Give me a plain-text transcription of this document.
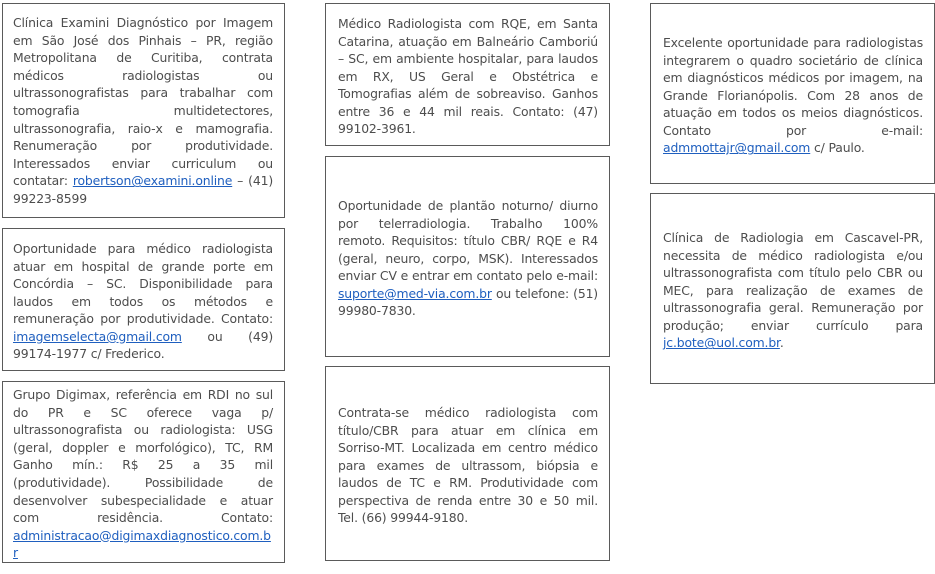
Clínica Examini Diagnóstico por Imagem em São José dos Pinhais – PR, região Metropolitana de Curitiba, contrata médicos radiologistas ou ultrassonografistas para trabalhar com tomografia multidetectores, ultrassonografia, raio-x e mamografia. Renumeração por produtividade. Interessados enviar curriculum ou contatar: robertson@examini.online – (41) 99223-8599

Oportunidade para médico radiologista atuar em hospital de grande porte em Concórdia – SC. Disponibilidade para laudos em todos os métodos e remuneração por produtividade. Contato: imagemselecta@gmail.com ou (49) 99174-1977 c/ Frederico.

Grupo Digimax, referência em RDI no sul do PR e SC oferece vaga p/ ultrassonografista ou radiologista: USG (geral, doppler e morfológico), TC, RM Ganho mín.: R$ 25 a 35 mil (produtividade). Possibilidade de desenvolver subespecialidade e atuar com residência. Contato: administracao@digimaxdiagnostico.com.br

Médico Radiologista com RQE, em Santa Catarina, atuação em Balneário Camboriú – SC, em ambiente hospitalar, para laudos em RX, US Geral e Obstétrica e Tomografias além de sobreaviso. Ganhos entre 36 e 44 mil reais. Contato: (47) 99102-3961.

Oportunidade de plantão noturno/ diurno por telerradiologia. Trabalho 100% remoto. Requisitos: título CBR/ RQE e R4 (geral, neuro, corpo, MSK). Interessados enviar CV e entrar em contato pelo e-mail: suporte@med-via.com.br ou telefone: (51) 99980-7830.

Contrata-se médico radiologista com título/CBR para atuar em clínica em Sorriso-MT. Localizada em centro médico para exames de ultrassom, biópsia e laudos de TC e RM. Produtividade com perspectiva de renda entre 30 e 50 mil. Tel. (66) 99944-9180.

Excelente oportunidade para radiologistas integrarem o quadro societário de clínica em diagnósticos médicos por imagem, na Grande Florianópolis. Com 28 anos de atuação em todos os meios diagnósticos. Contato por e-mail: admmottajr@gmail.com c/ Paulo.

Clínica de Radiologia em Cascavel-PR, necessita de médico radiologista e/ou ultrassonografista com título pelo CBR ou MEC, para realização de exames de ultrassonografia geral. Remuneração por produção; enviar currículo para jc.bote@uol.com.br.
